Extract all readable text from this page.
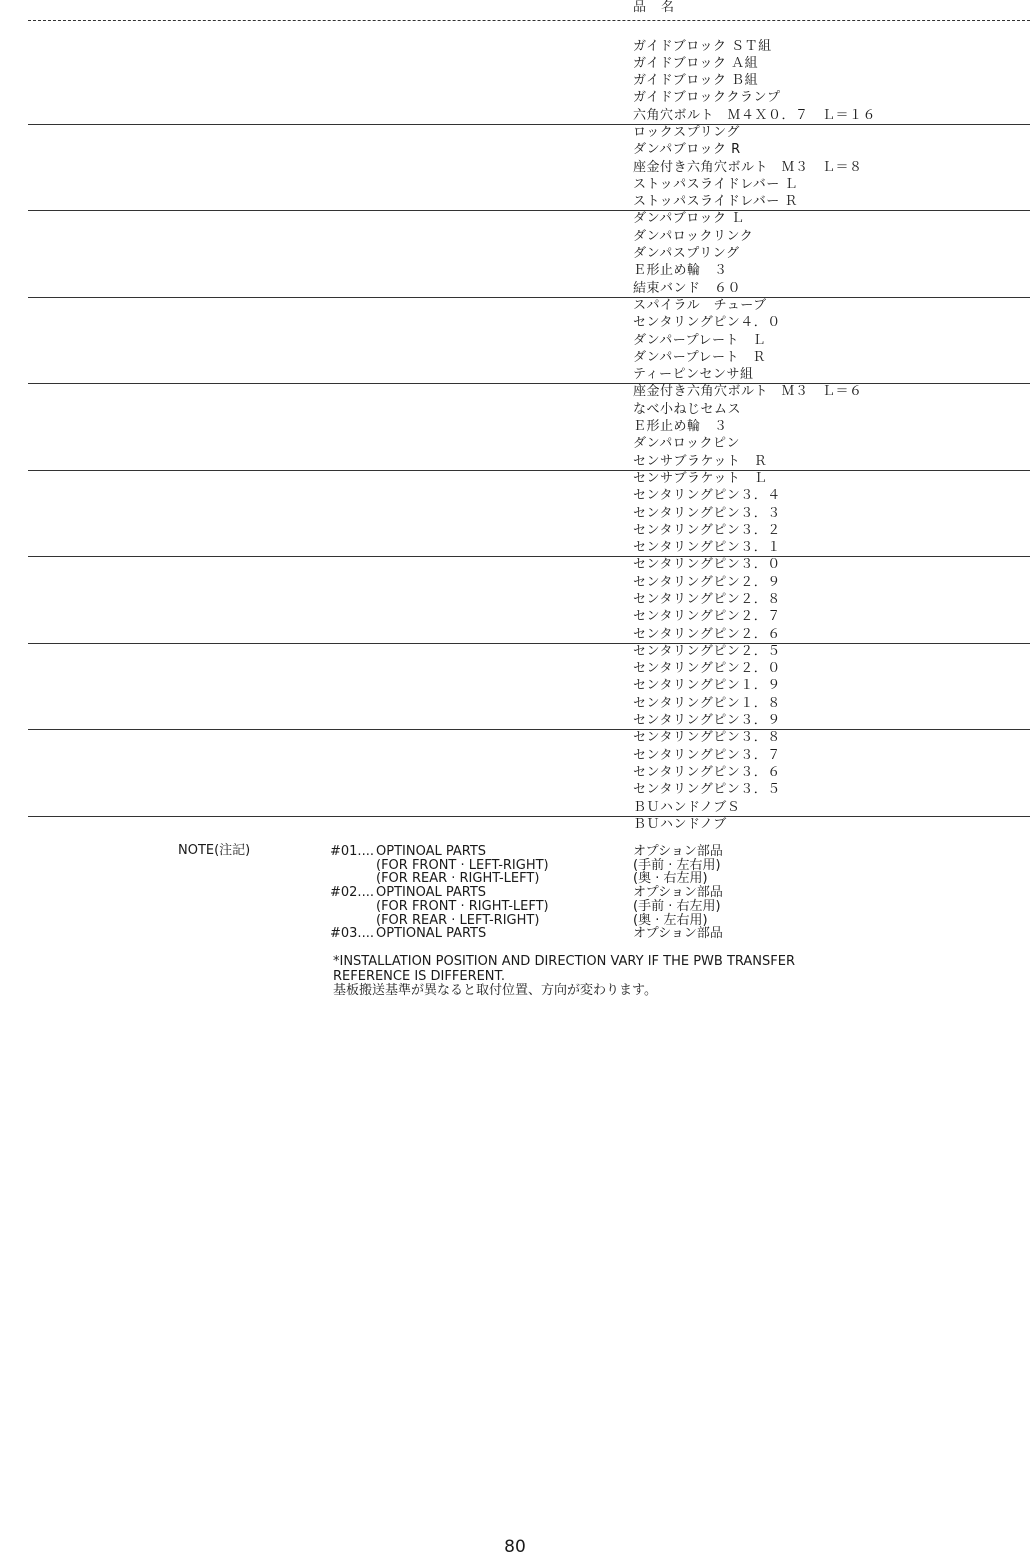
品　名
ガイドブロック ＳＴ組
ガイドブロック Ａ組
ガイドブロック Ｂ組
ガイドブロッククランプ
六角穴ボルト　Ｍ４Ｘ０．７　Ｌ＝１６
ロックスプリング
ダンパブロック R
座金付き六角穴ボルト　Ｍ３　Ｌ＝８
ストッパスライドレバー Ｌ
ストッパスライドレバー Ｒ
ダンパブロック Ｌ
ダンパロックリンク
ダンパスプリング
Ｅ形止め輪　３
結束バンド　６０
スパイラル　チューブ
センタリングピン４．０
ダンパープレート　Ｌ
ダンパープレート　Ｒ
ティーピンセンサ組
座金付き六角穴ボルト　Ｍ３　Ｌ＝６
なべ小ねじセムス
Ｅ形止め輪　３
ダンパロックピン
センサブラケット　Ｒ
センサブラケット　Ｌ
センタリングピン３．４
センタリングピン３．３
センタリングピン３．２
センタリングピン３．１
センタリングピン３．０
センタリングピン２．９
センタリングピン２．８
センタリングピン２．７
センタリングピン２．６
センタリングピン２．５
センタリングピン２．０
センタリングピン１．９
センタリングピン１．８
センタリングピン３．９
センタリングピン３．８
センタリングピン３．７
センタリングピン３．６
センタリングピン３．５
ＢＵハンドノブＳ
ＢＵハンドノブ
NOTE(注記)	#01.... OPTINOAL PARTS	オプション部品
(FOR FRONT · LEFT-RIGHT)	(手前 · 左右用)
(FOR REAR · RIGHT-LEFT)	(奥 · 右左用)
#02.... OPTINOAL PARTS	オプション部品
(FOR FRONT · RIGHT-LEFT)	(手前 · 右左用)
(FOR REAR · LEFT-RIGHT)	(奥 · 左右用)
#03.... OPTIONAL PARTS	オプション部品
*INSTALLATION POSITION AND DIRECTION VARY IF THE PWB TRANSFER
REFERENCE IS DIFFERENT.
基板搬送基準が異なると取付位置、方向が変わります。
80
